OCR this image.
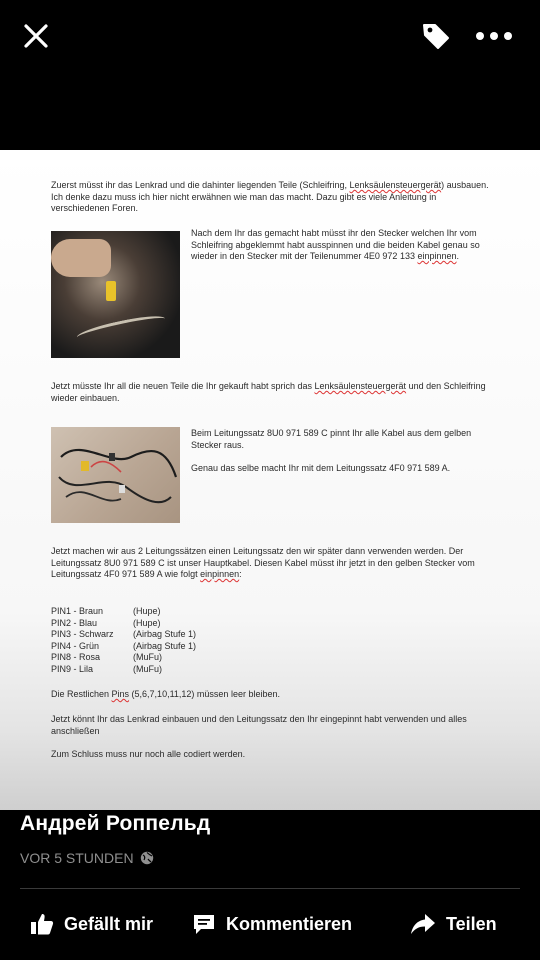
Zuerst müsst ihr das Lenkrad und die dahinter liegenden Teile (Schleifring, Lenksäulensteuergerät) ausbauen. Ich denke dazu muss ich hier nicht erwähnen wie man das macht. Dazu gibt es viele Anleitung in verschiedenen Foren.
Nach dem Ihr das gemacht habt müsst ihr den Stecker welchen Ihr vom Schleifring abgeklemmt habt ausspinnen und die beiden Kabel genau so wieder in den Stecker mit der Teilenummer 4E0 972 133 einpinnen.
Jetzt müsste Ihr all die neuen Teile die Ihr gekauft habt sprich das Lenksäulensteuergerät und den Schleifring wieder einbauen.
Beim Leitungssatz 8U0 971 589 C pinnt Ihr alle Kabel aus dem gelben Stecker raus.
Genau das selbe macht Ihr mit dem Leitungssatz 4F0 971 589 A.
Jetzt machen wir aus 2 Leitungssätzen einen Leitungssatz den wir später dann verwenden werden. Der Leitungssatz 8U0 971 589 C ist unser Hauptkabel. Diesen Kabel müsst ihr jetzt in den gelben Stecker vom Leitungssatz 4F0 971 589 A wie folgt einpinnen:
PIN1 - Braun	(Hupe)
PIN2 - Blau	(Hupe)
PIN3 - Schwarz (Airbag Stufe 1)
PIN4 - Grün	(Airbag Stufe 1)
PIN8 - Rosa	(MuFu)
PIN9 - Lila	(MuFu)
Die Restlichen Pins (5,6,7,10,11,12) müssen leer bleiben.
Jetzt könnt Ihr das Lenkrad einbauen und den Leitungssatz den Ihr eingepinnt habt verwenden und alles anschließen
Zum Schluss muss nur noch alle codiert werden.
Андрей Роппельд
VOR 5 STUNDEN
Gefällt mir	Kommentieren	Teilen
